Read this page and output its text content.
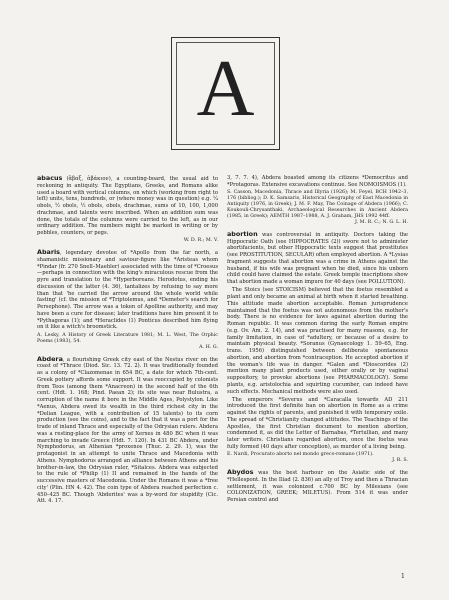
A

abacus (ἄβαξ, ἀβάκιον), a counting-board, the usual aid to reckoning in antiquity. The Egyptians, Greeks, and Romans alike used a board with vertical columns, on which (working from right to left) units, tens, hundreds, or (where money was in question) e.g. ¼ obols, ½ obols, ½ obols, obols, drachmae, sums of 10, 100, 1,000 drachmae, and talents were inscribed. When an addition sum was done, the totals of the columns were carried to the left, as in our ordinary addition. The numbers might be marked in writing or by pebbles, counters, or pegs.

W. D. R.; M. V.

Abaris, legendary devotee of *Apollo from the far north, a shamanistic missionary and saviour-figure like *Aristeas whom *Pindar (fr. 270 Snell–Maehler) associated with the time of *Croesus—perhaps in connection with the king's miraculous rescue from the pyre and translation to the *Hyperboreans. Herodotus, ending his discussion of the latter (4. 36), tantalizes by refusing to say more than that 'he carried the arrow around the whole world while fasting' (cf. the mission of *Triptolemus, and *Demeter's search for Persephone). The arrow was a token of Apolline authority, and may have been a cure for disease; later traditions have him present it to *Pythagoras (1); and *Heraclides (1) Ponticus described him flying on it like a witch's broomstick.

A. Lesky, A History of Greek Literature 1981; M. L. West, The Orphic Poems (1983), 54.

A. H. G.

Abdera, a flourishing Greek city east of the Nestus river on the coast of *Thrace (Diod. Sic. 13. 72. 2). It was traditionally founded as a colony of *Clazomenae in 654 BC, a date for which 7th-cent. Greek pottery affords some support. It was reoccupied by colonists from Teos (among them *Anacreon) in the second half of the 6th cent. (Hdt. 1. 168; Pind. Paean 2); its site was near Bulustra, a corruption of the name it bore in the Middle Ages, Polystylon. Like *Aenus, Abdera owed its wealth in the third richest city in the *Delian League, with a contribution of 15 talents) to its corn production (see the coins), and to the fact that it was a port for the trade of inland Thrace and especially of the Odrysian rulers. Abdera was a resting-place for the army of Xerxes in 480 BC when it was marching to invade Greece (Hdt. 7. 120). In 431 BC Abdera, under Nymphodorus, an Athenian *proxenos (Thuc. 2. 29. 1), was the protagonist in an attempt to unite Thrace and Macedonia with Athens. Nymphodorus arranged an alliance between Athens and his brother-in-law, the Odrysian ruler, *Sitalces. Abdera was subjected to the rule of *Philip (1) II and remained in the hands of the successive masters of Macedonia. Under the Romans it was a *free city' (Plin. HN 4. 42). The coin type of Abdera reached perfection c. 450–425 BC. Though 'Abderites' was a by-word for stupidity (Cic. Att. 4. 17.

3, 7. 7. 4), Abdera boasted among its citizens *Democritus and *Protagoras. Extensive excavations continue. See NOMOISMOS (1).

S. Casson, Macedonia, Thrace and Illyria (1926); M. Feyel, BCH 1942–3, 176 (bibliog.); D. K. Samsaris, Historical Geography of East Macedonia in Antiquity (1976, in Greek); J. M. F. May, The Coinage of Abdera (1966); C. Koukouli-Chrysanthaki, Archaeological Researches in Ancient Abdera (1985, in Greek); AEMTH 1987–1988, A. J. Graham, JHS 1992 44ff.

J. M. R. C.; N. G. L. H.

abortion was controversial in antiquity. Doctors taking the Hippocratic Oath (see HIPPOCRATES (2)) swore not to administer abortifacients, but other Hippocratic texts suggest that prostitutes (see PROSTITUTION, SECULAR) often employed abortion. A *Lysias fragment suggests that abortion was a crime in Athens against the husband, if his wife was pregnant when he died, since his unborn child could have claimed the estate. Greek temple inscriptions show that abortion made a woman impure for 40 days (see POLLUTION).

The Stoics (see STOICISM) believed that the foetus resembled a plant and only became an animal at birth when it started breathing. This attitude made abortion acceptable. Roman jurisprudence maintained that the foetus was not autonomous from the mother's body. There is no evidence for laws against abortion during the Roman republic. It was common during the early Roman empire (e.g. Ov. Am. 2. 14), and was practised for many reasons, e.g. for family limitation, in case of *adultery, or because of a desire to maintain physical beauty. *Soranus (Gynaecology 1. 59–65, Eng. trans. 1956) distinguished between deliberate spontaneous abortion, and abortion from *contraception. He accepted abortion if the woman's life was in danger. *Galen and *Dioscorides (2) mention many plant products used, either orally or by vaginal suppository, to provoke abortions (see PHARMACOLOGY). Some plants, e.g. aristolochia and squirting cucumber, can indeed have such effects. Mechanical methods were also used.

The emperors *Severus and *Caracalla towards AD 211 introduced the first definite ban on abortion in Rome as a crime against the rights of parents, and punished it with temporary exile. The spread of *Christianity changed attitudes. The Teachings of the Apostles, the first Christian document to mention abortion, condemned it, as did the Letter of Barnabas, *Tertullian, and many later writers. Christians regarded abortion, once the foetus was fully formed (40 days after conception), as murder of a living being.

E. Nardi, Procurato aborto nel mondo greco-romano (1971).

J. R. S.

Abydos was the best harbour on the Asiatic side of the *Hellespont. In the Iliad (2. 836) an ally of Troy and then a Thracian settlement, it was colonized c.700 BC by Milesians (see COLONIZATION, GREEK; MILETUS). From 514 it was under Persian control and

1
